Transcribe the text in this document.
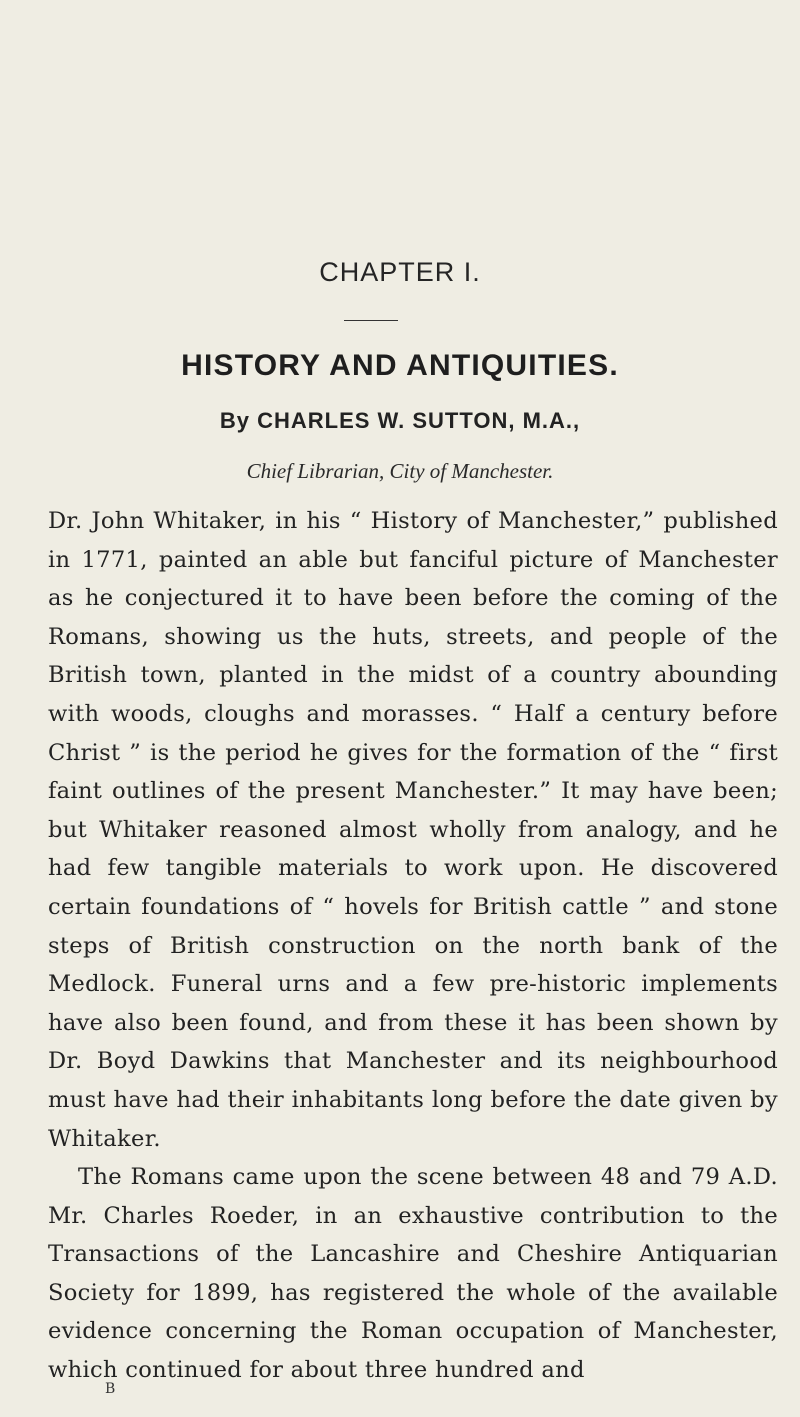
CHAPTER I.
HISTORY AND ANTIQUITIES.
By CHARLES W. SUTTON, M.A.,
Chief Librarian, City of Manchester.

Dr. John Whitaker, in his “ History of Manchester,” published in 1771, painted an able but fanciful picture of Manchester as he conjectured it to have been before the coming of the Romans, showing us the huts, streets, and people of the British town, planted in the midst of a country abounding with woods, cloughs and morasses. “ Half a century before Christ ” is the period he gives for the formation of the “ first faint outlines of the present Manchester.” It may have been; but Whitaker reasoned almost wholly from analogy, and he had few tangible materials to work upon. He discovered certain foundations of “ hovels for British cattle ” and stone steps of British construction on the north bank of the Medlock. Funeral urns and a few pre-historic implements have also been found, and from these it has been shown by Dr. Boyd Dawkins that Manchester and its neighbourhood must have had their inhabitants long before the date given by Whitaker.

The Romans came upon the scene between 48 and 79 A.D. Mr. Charles Roeder, in an exhaustive contribution to the Transactions of the Lancashire and Cheshire Antiquarian Society for 1899, has registered the whole of the available evidence concerning the Roman occupation of Manchester, which continued for about three hundred and

B
